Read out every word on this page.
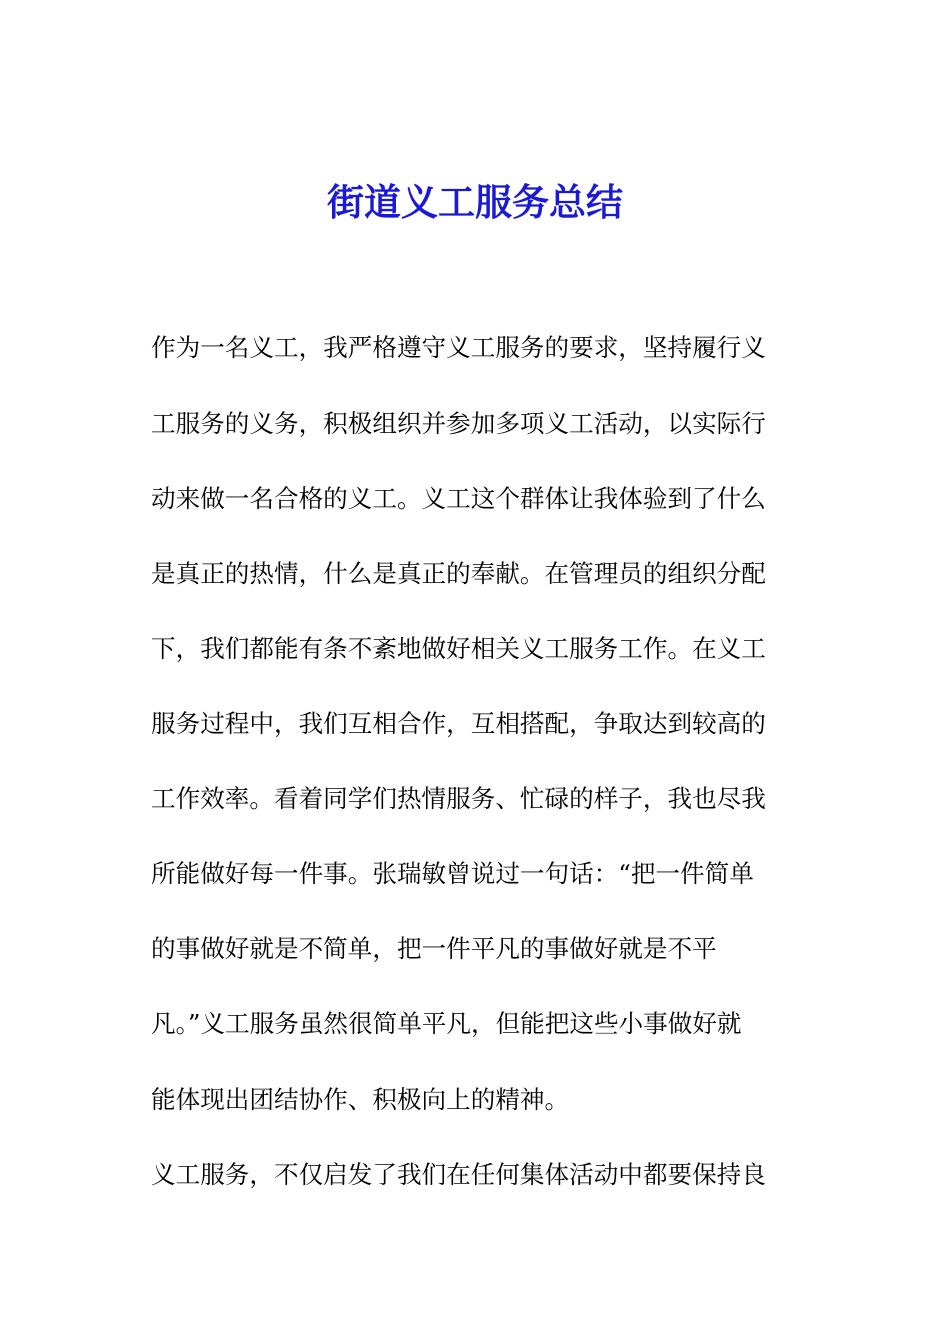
街道义工服务总结

作为一名义工，我严格遵守义工服务的要求，坚持履行义

工服务的义务，积极组织并参加多项义工活动，以实际行

动来做一名合格的义工。义工这个群体让我体验到了什么

是真正的热情，什么是真正的奉献。在管理员的组织分配

下，我们都能有条不紊地做好相关义工服务工作。在义工

服务过程中，我们互相合作，互相搭配，争取达到较高的

工作效率。看着同学们热情服务、忙碌的样子，我也尽我

所能做好每一件事。张瑞敏曾说过一句话：“把一件简单

的事做好就是不简单，把一件平凡的事做好就是不平

凡。”义工服务虽然很简单平凡，但能把这些小事做好就

能体现出团结协作、积极向上的精神。

义工服务，不仅启发了我们在任何集体活动中都要保持良
